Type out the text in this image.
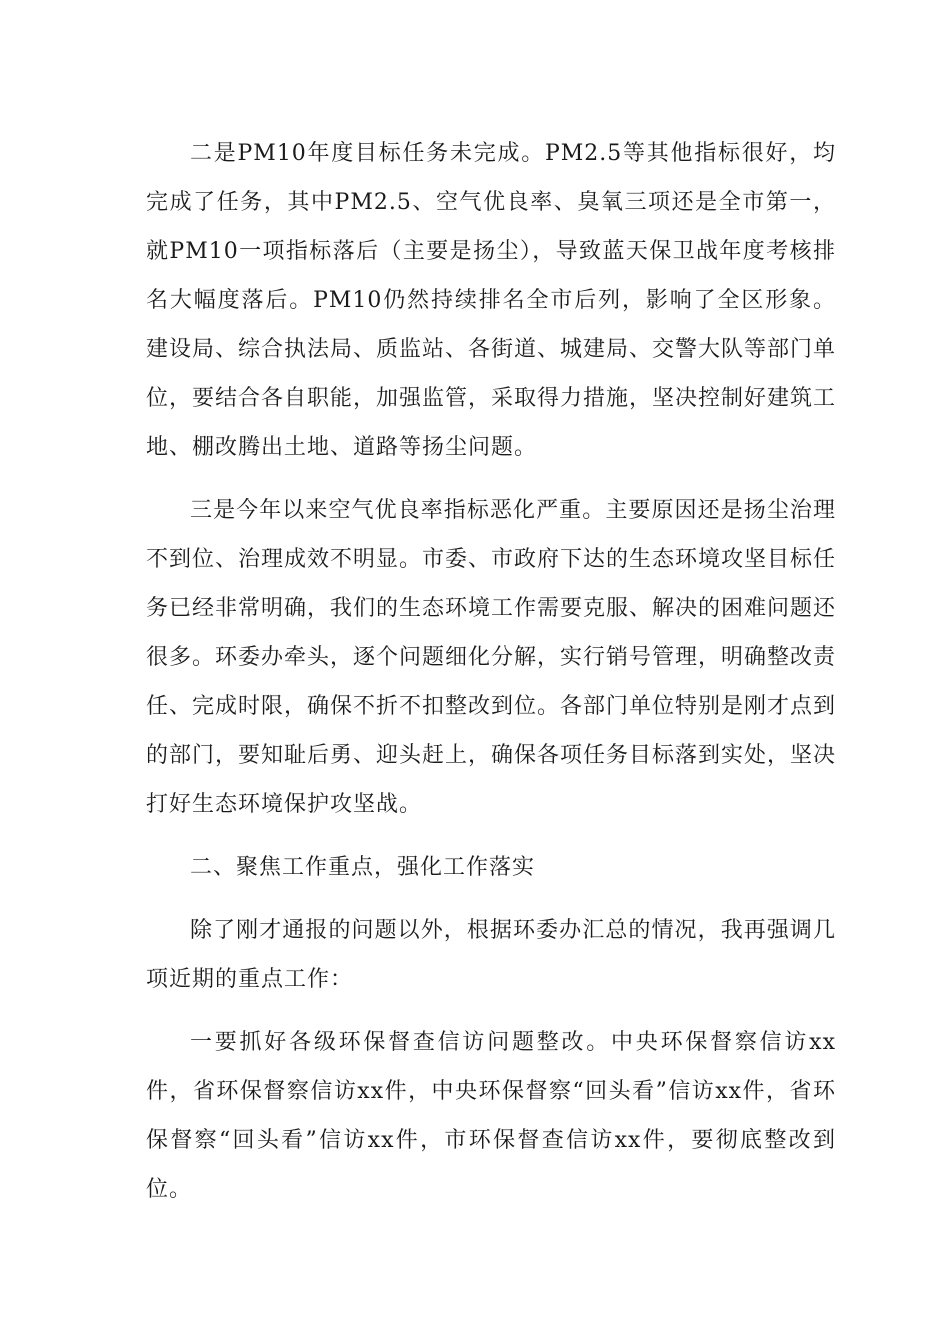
二是PM10年度目标任务未完成。PM2.5等其他指标很好，均完成了任务，其中PM2.5、空气优良率、臭氧三项还是全市第一，就PM10一项指标落后（主要是扬尘），导致蓝天保卫战年度考核排名大幅度落后。PM10仍然持续排名全市后列，影响了全区形象。建设局、综合执法局、质监站、各街道、城建局、交警大队等部门单位，要结合各自职能，加强监管，采取得力措施，坚决控制好建筑工地、棚改腾出土地、道路等扬尘问题。

三是今年以来空气优良率指标恶化严重。主要原因还是扬尘治理不到位、治理成效不明显。市委、市政府下达的生态环境攻坚目标任务已经非常明确，我们的生态环境工作需要克服、解决的困难问题还很多。环委办牵头，逐个问题细化分解，实行销号管理，明确整改责任、完成时限，确保不折不扣整改到位。各部门单位特别是刚才点到的部门，要知耻后勇、迎头赶上，确保各项任务目标落到实处，坚决打好生态环境保护攻坚战。

二、聚焦工作重点，强化工作落实

除了刚才通报的问题以外，根据环委办汇总的情况，我再强调几项近期的重点工作：

一要抓好各级环保督查信访问题整改。中央环保督察信访xx件，省环保督察信访xx件，中央环保督察“回头看”信访xx件，省环保督察“回头看”信访xx件，市环保督查信访xx件，要彻底整改到位。
